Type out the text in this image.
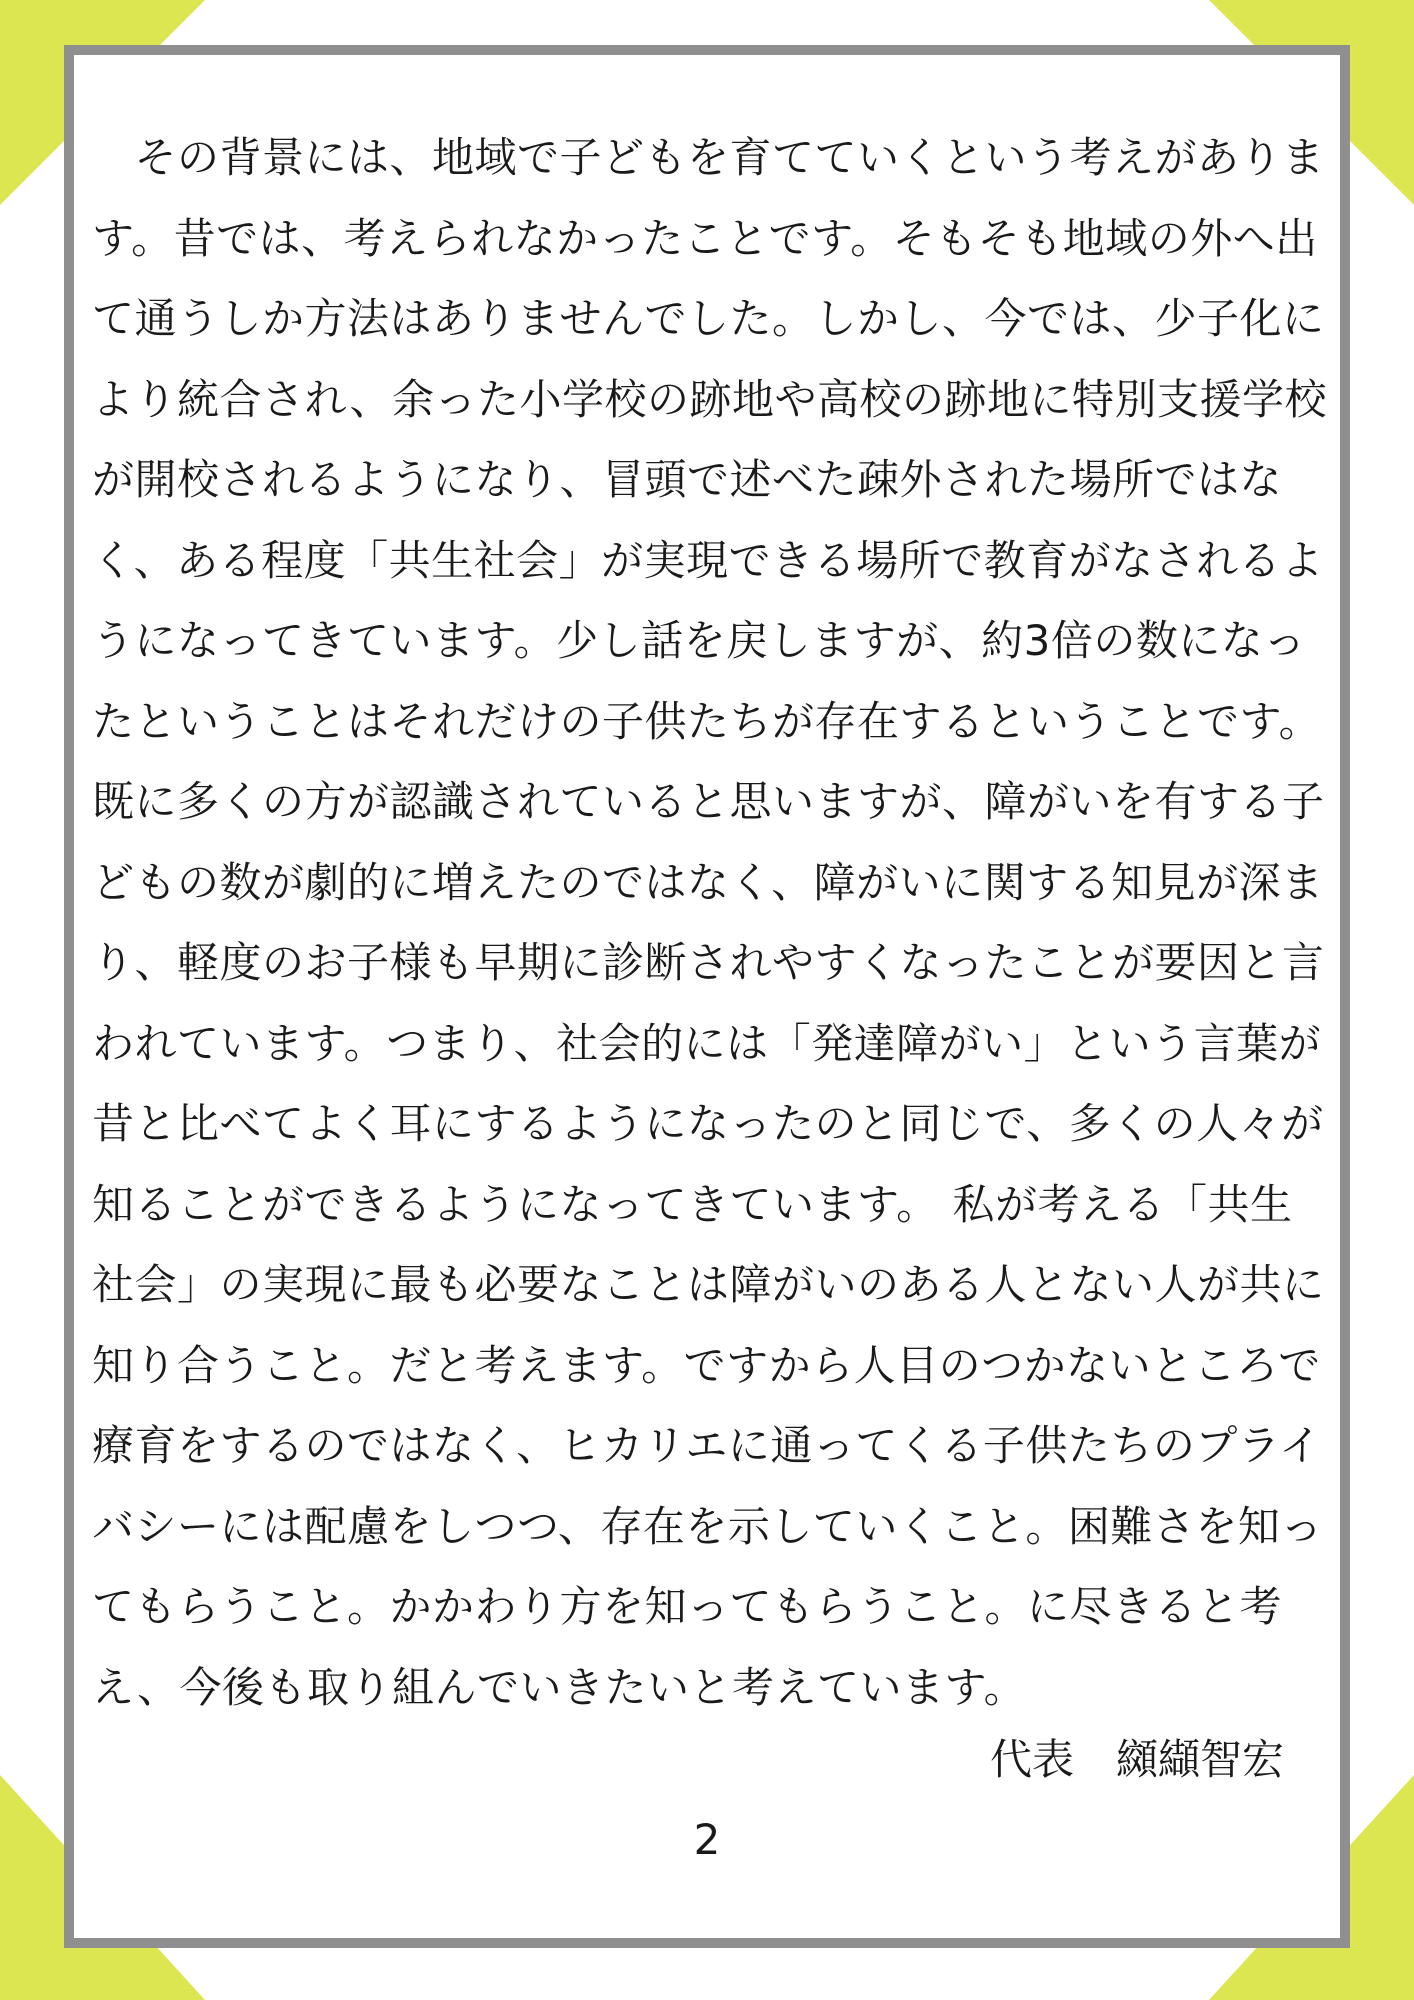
　その背景には、地域で子どもを育てていくという考えがありま
す。昔では、考えられなかったことです。そもそも地域の外へ出
て通うしか方法はありませんでした。しかし、今では、少子化に
より統合され、余った小学校の跡地や高校の跡地に特別支援学校
が開校されるようになり、冒頭で述べた疎外された場所ではな
く、ある程度「共生社会」が実現できる場所で教育がなされるよ
うになってきています。少し話を戻しますが、約3倍の数になっ
たということはそれだけの子供たちが存在するということです。
既に多くの方が認識されていると思いますが、障がいを有する子
どもの数が劇的に増えたのではなく、障がいに関する知見が深ま
り、軽度のお子様も早期に診断されやすくなったことが要因と言
われています。つまり、社会的には「発達障がい」という言葉が
昔と比べてよく耳にするようになったのと同じで、多くの人々が
知ることができるようになってきています。 私が考える「共生
社会」の実現に最も必要なことは障がいのある人とない人が共に
知り合うこと。だと考えます。ですから人目のつかないところで
療育をするのではなく、ヒカリエに通ってくる子供たちのプライ
バシーには配慮をしつつ、存在を示していくこと。困難さを知っ
てもらうこと。かかわり方を知ってもらうこと。に尽きると考
え、今後も取り組んでいきたいと考えています。
代表　纐纈智宏
2
